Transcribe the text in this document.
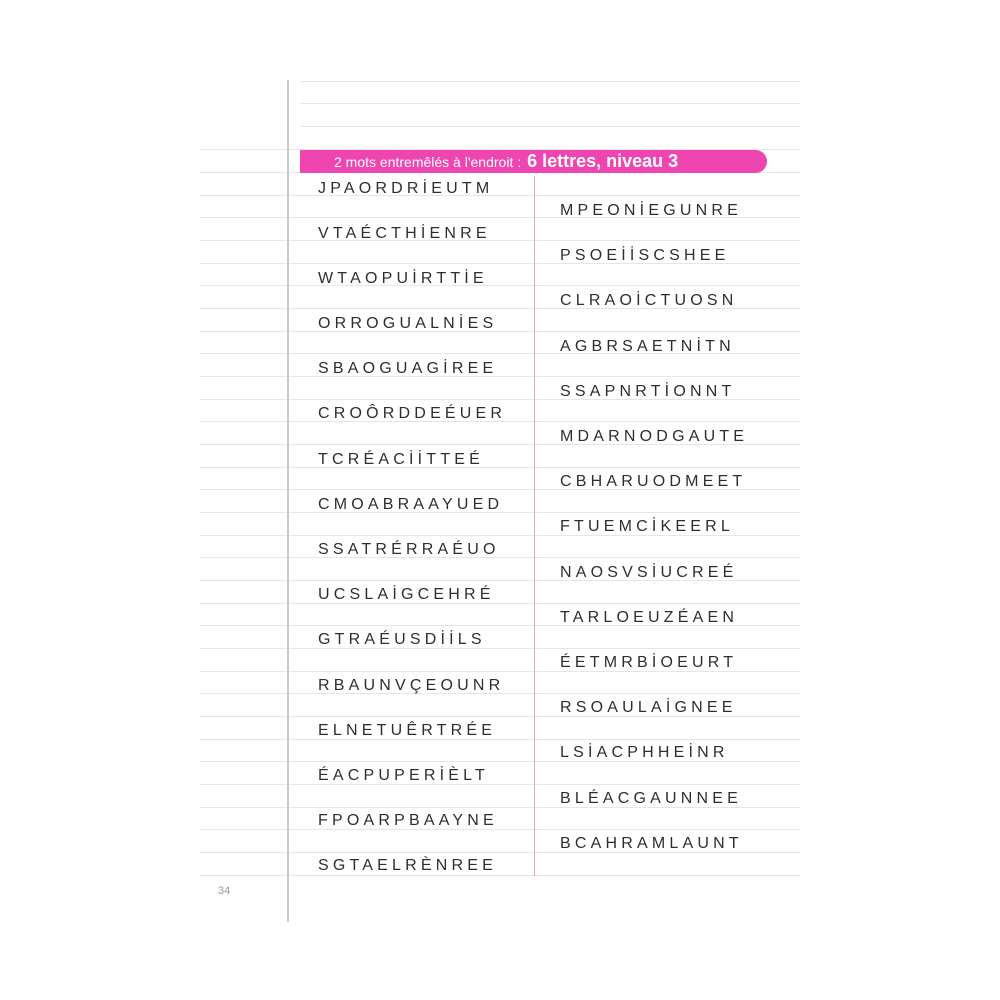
2 mots entremêlés à l'endroit : 6 lettres, niveau 3
JPAORDRİEUTM
VTAÉCTHİENRE
WTAOPUİRTTİE
ORROGUALNİES
SBAOGUAGİREE
CROÔRDDEÉUER
TCRÉACİİTTEÉ
CMOABRAAYUED
SSATRÉRRAÉUO
UCSLAİGCEHRÉ
GTRAÉUSDİİLS
RBAUNVÇEOUNR
ELNETUÊRTRÉE
ÉACPUPERİÈLT
FPOARPBAAYNE
SGTAELRÈNREE
MPEONİEGUNRE
PSOEİİSCSHEE
CLRAOİCTUOSN
AGBRSAETNİTN
SSAPNRTİONNT
MDARNODGAUTE
CBHARUODMEET
FTUEMCİKEERL
NAOSVSİUCREÉ
TARLOEUZÉAEN
ÉETMRBİOEURT
RSOAULAİGNEE
LSİACPHHEİNR
BLÉACGAUNNEE
BCAHRAMLAUNT
34
